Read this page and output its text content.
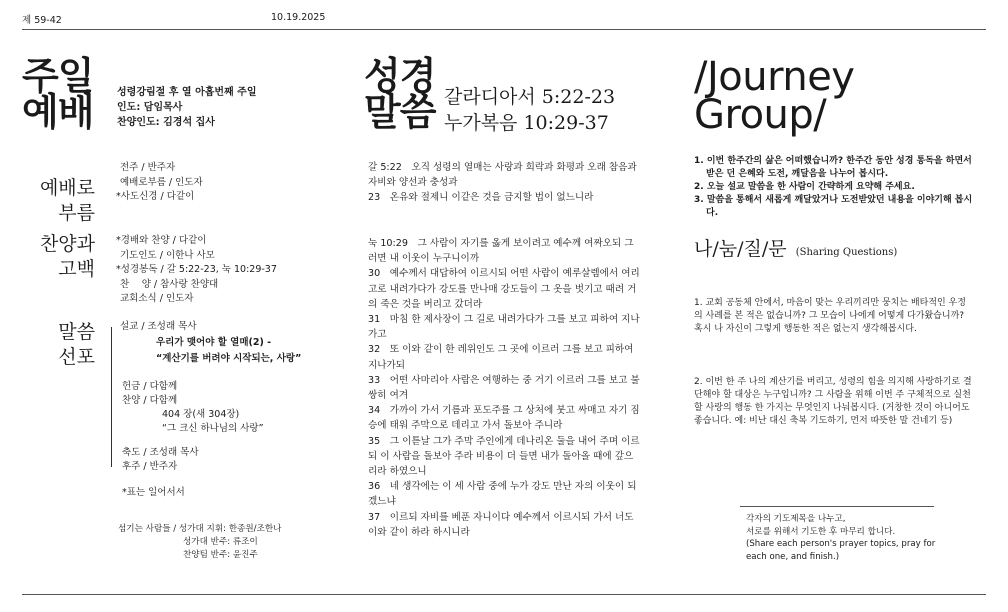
제 59-42	10.19.2025
주일
예배 성령강림절 후 열 아홉번째 주일
인도: 담임목사
찬양인도: 김경석 집사
예배로
부름
전주 / 반주자
예배로부름 / 인도자
*사도신경 / 다같이
찬양과
고백
*경배와 찬양 / 다같이
기도인도 / 이한나 사모
*성경봉독 / 갈 5:22-23, 눅 10:29-37
찬　 양 / 참사랑 찬양대
교회소식 / 인도자
말씀
선포
설교 / 조성래 목사
우리가 맺어야 할 열매(2) -
“계산기를 버려야 시작되는, 사랑”
헌금 / 다함께
찬양 / 다함께
404 장(새 304장)
“그 크신 하나님의 사랑”
축도 / 조성래 목사
후주 / 반주자
*표는 일어서서
섬기는 사람들 / 성가대 지휘: 한종원/조한나
성가대 반주: 류조이
찬양팀 반주: 윤진주
성경
말씀 갈라디아서 5:22-23
누가복음 10:29-37

갈 5:22　오직 성령의 열매는 사랑과 희락과 화평과 오래 참음과 자비와 양선과 충성과

23　온유와 절제니 이같은 것을 금지할 법이 없느니라

눅 10:29　그 사람이 자기를 옳게 보이려고 예수께 여짜오되 그러면 내 이웃이 누구니이까

30　예수께서 대답하여 이르시되 어떤 사람이 예루살렘에서 여리고로 내려가다가 강도를 만나매 강도들이 그 옷을 벗기고 때려 거의 죽은 것을 버리고 갔더라

31　마침 한 제사장이 그 길로 내려가다가 그를 보고 피하여 지나가고

32　또 이와 같이 한 레위인도 그 곳에 이르러 그를 보고 피하여 지나가되

33　어떤 사마리아 사람은 여행하는 중 거기 이르러 그를 보고 불쌍히 여겨

34　가까이 가서 기름과 포도주를 그 상처에 붓고 싸매고 자기 짐승에 태워 주막으로 데리고 가서 돌보아 주니라

35　그 이튿날 그가 주막 주인에게 데나리온 둘을 내어 주며 이르되 이 사람을 돌보아 주라 비용이 더 들면 내가 돌아올 때에 갚으리라 하였으니

36　네 생각에는 이 세 사람 중에 누가 강도 만난 자의 이웃이 되겠느냐

37　이르되 자비를 베푼 자니이다 예수께서 이르시되 가서 너도 이와 같이 하라 하시니라

/Journey
Group/
1. 이번 한주간의 삶은 어떠했습니까? 한주간 동안 성경 통독을 하면서 받은 던 은혜와 도전, 깨달음을 나누어 봅시다.
2. 오늘 설교 말씀을 한 사람이 간략하게 요약해 주세요.
3. 말씀을 통해서 새롭게 깨달았거나 도전받았던 내용을 이야기해 봅시다.
나/눔/질/문 (Sharing Questions)
1. 교회 공동체 안에서, 마음이 맞는 우리끼리만 뭉치는 배타적인 우정의 사례를 본 적은 없습니까? 그 모습이 나에게 어떻게 다가왔습니까? 혹시 나 자신이 그렇게 행동한 적은 없는지 생각해봅시다.
2. 이번 한 주 나의 계산기를 버리고, 성령의 힘을 의지해 사랑하기로 결단해야 할 대상은 누구입니까? 그 사람을 위해 이번 주 구체적으로 실천할 사랑의 행동 한 가지는 무엇인지 나눠봅시다. (거창한 것이 아니어도 좋습니다. 예: 비난 대신 축복 기도하기, 먼저 따뜻한 말 건네기 등)
각자의 기도제목을 나누고,
서로를 위해서 기도한 후 마무리 합니다.
(Share each person's prayer topics, pray for each one, and finish.)
